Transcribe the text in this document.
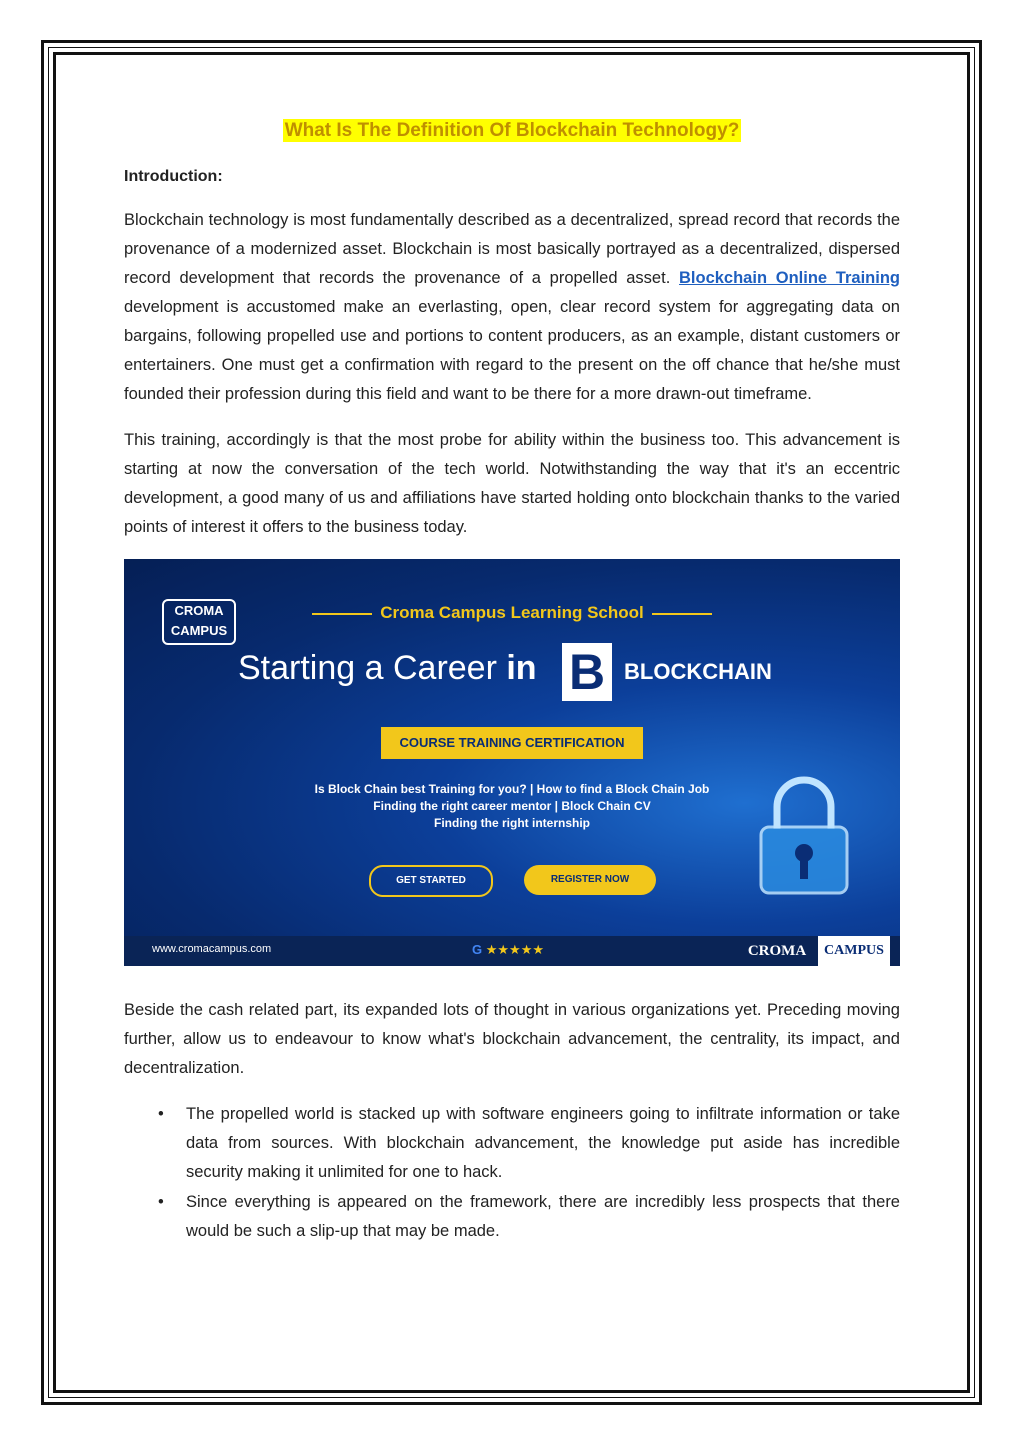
What Is The Definition Of Blockchain Technology?
Introduction:

Blockchain technology is most fundamentally described as a decentralized, spread record that records the provenance of a modernized asset. Blockchain is most basically portrayed as a decentralized, dispersed record development that records the provenance of a propelled asset. Blockchain Online Training development is accustomed make an everlasting, open, clear record system for aggregating data on bargains, following propelled use and portions to content producers, as an example, distant customers or entertainers. One must get a confirmation with regard to the present on the off chance that he/she must founded their profession during this field and want to be there for a more drawn-out timeframe.

This training, accordingly is that the most probe for ability within the business too. This advancement is starting at now the conversation of the tech world. Notwithstanding the way that it's an eccentric development, a good many of us and affiliations have started holding onto blockchain thanks to the varied points of interest it offers to the business today.

CROMA CAMPUS
Croma Campus Learning School
Starting a Career in B BLOCKCHAIN
COURSE TRAINING CERTIFICATION
Is Block Chain best Training for you? | How to find a Block Chain Job
Finding the right career mentor | Block Chain CV
Finding the right internship
GET STARTED	REGISTER NOW
www.cromacampus.com	G ★★★★★	CROMA	CAMPUS

Beside the cash related part, its expanded lots of thought in various organizations yet. Preceding moving further, allow us to endeavour to know what's blockchain advancement, the centrality, its impact, and decentralization.

• The propelled world is stacked up with software engineers going to infiltrate information or take data from sources. With blockchain advancement, the knowledge put aside has incredible security making it unlimited for one to hack.
• Since everything is appeared on the framework, there are incredibly less prospects that there would be such a slip-up that may be made.
